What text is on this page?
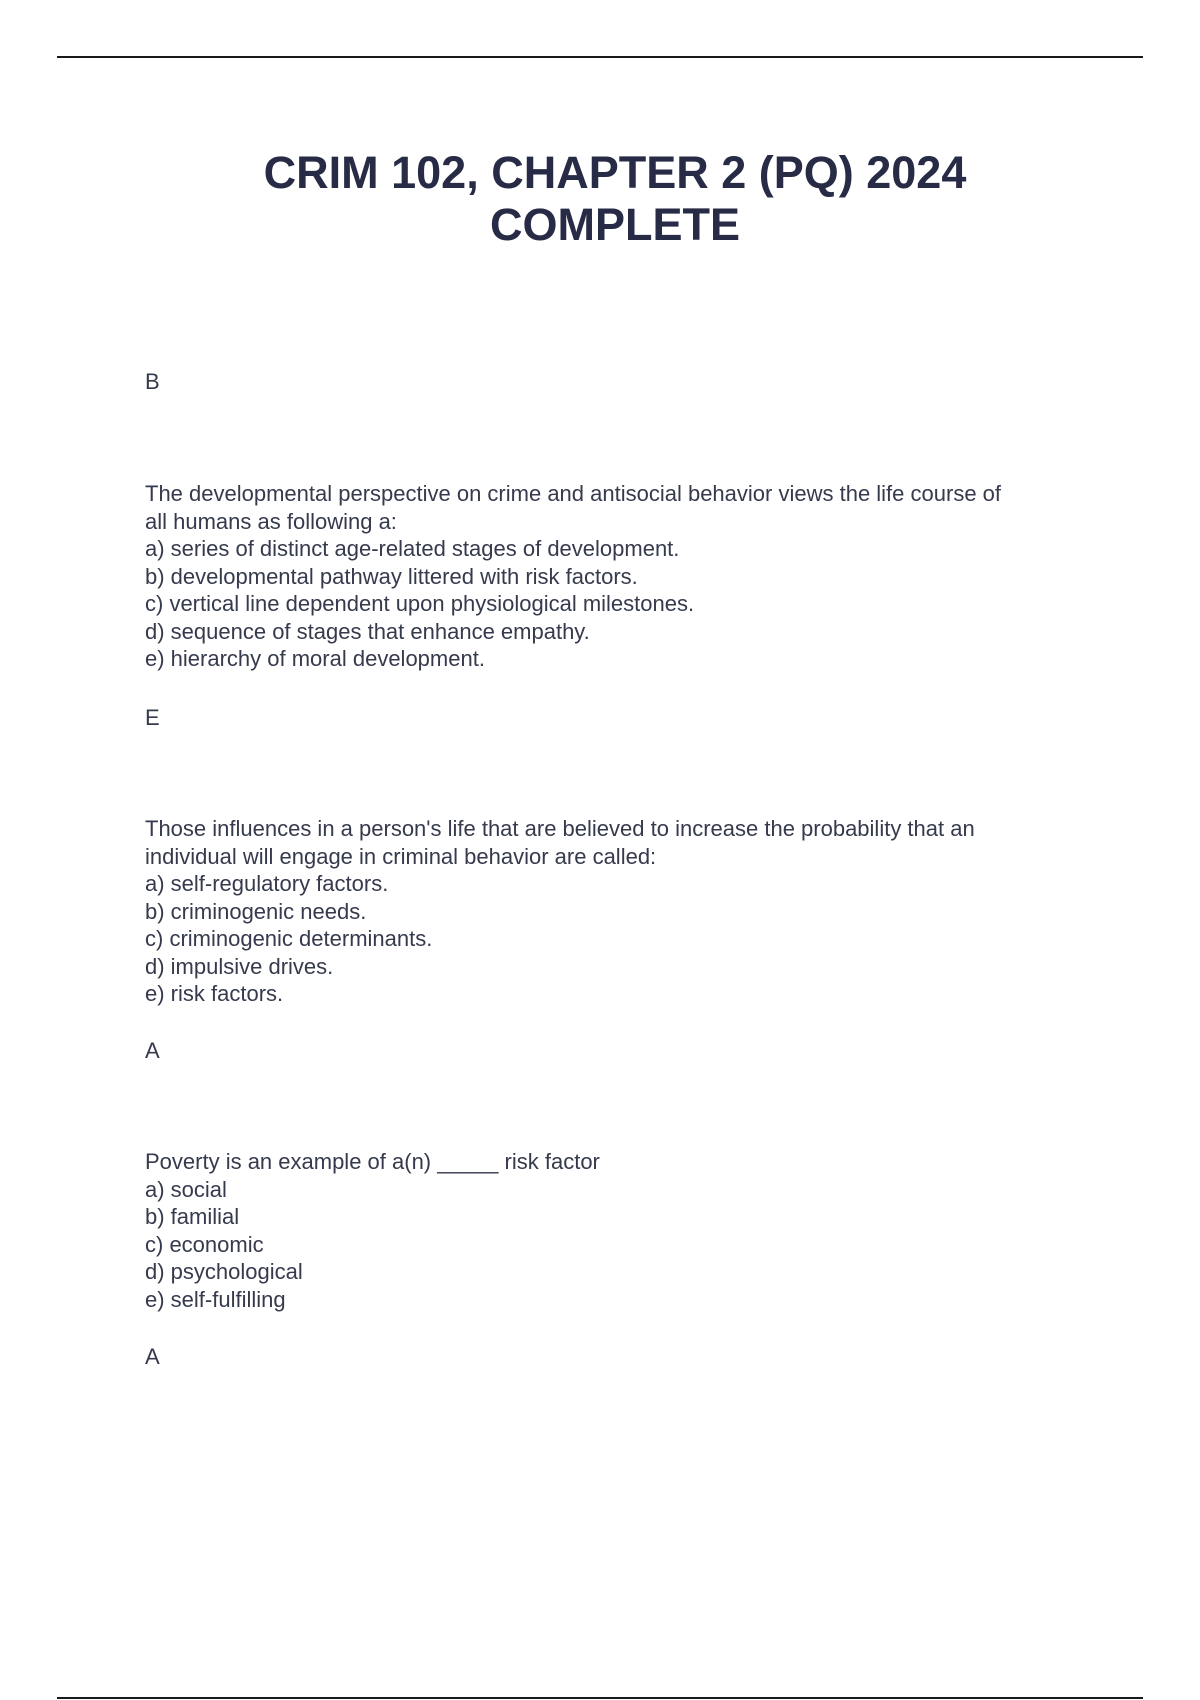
CRIM 102, CHAPTER 2 (PQ) 2024
COMPLETE
B
The developmental perspective on crime and antisocial behavior views the life course of
all humans as following a:
a) series of distinct age-related stages of development.
b) developmental pathway littered with risk factors.
c) vertical line dependent upon physiological milestones.
d) sequence of stages that enhance empathy.
e) hierarchy of moral development.
E
Those influences in a person's life that are believed to increase the probability that an
individual will engage in criminal behavior are called:
a) self-regulatory factors.
b) criminogenic needs.
c) criminogenic determinants.
d) impulsive drives.
e) risk factors.
A
Poverty is an example of a(n) _____ risk factor
a) social
b) familial
c) economic
d) psychological
e) self-fulfilling
A
